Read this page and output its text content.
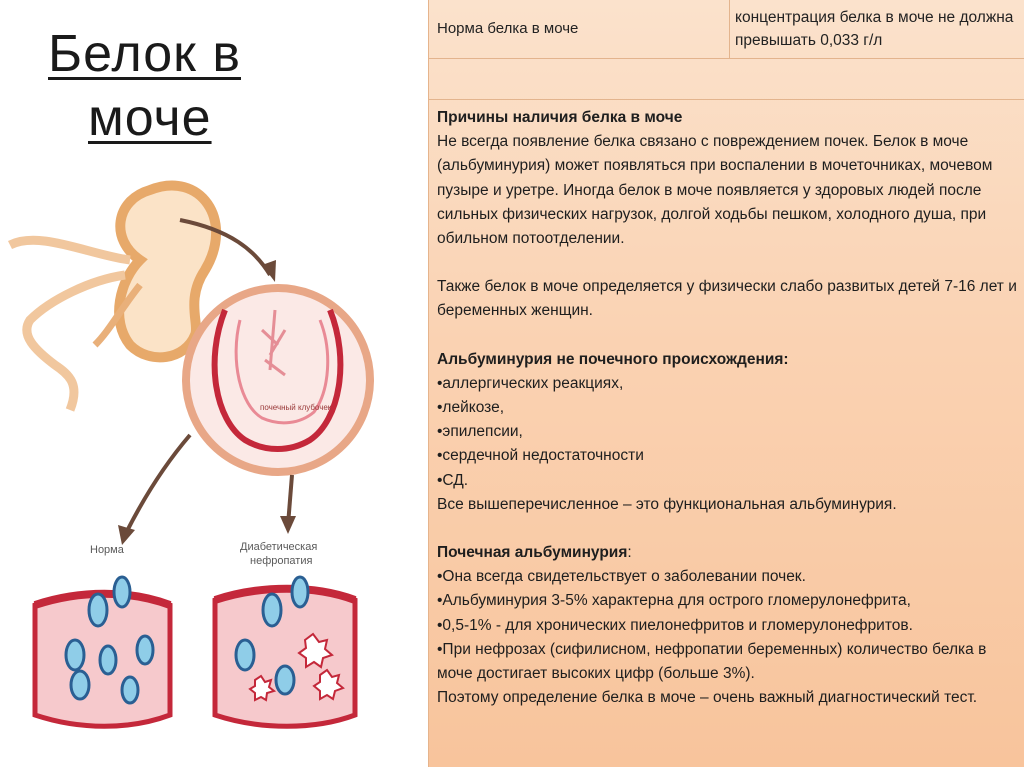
Белок в
моче
почечный клубочек
Норма	Диабетическая
нефропатия
Норма белка в моче
концентрация белка в моче не должна превышать 0,033 г/л

Причины наличия белка в моче

Не всегда появление белка связано с повреждением почек. Белок в моче (альбуминурия) может появляться при воспалении в мочеточниках, мочевом пузыре и уретре. Иногда белок в моче появляется у здоровых людей после сильных физических нагрузок, долгой ходьбы пешком, холодного душа, при обильном потоотделении.

Также белок в моче определяется у физически слабо развитых детей 7-16 лет и беременных женщин.

Альбуминурия не почечного происхождения:

•аллергических реакциях,

•лейкозе,

•эпилепсии,

•сердечной недостаточности

•СД.

Все вышеперечисленное – это функциональная альбуминурия.

Почечная альбуминурия:

•Она всегда свидетельствует о заболевании почек.

•Альбуминурия 3-5% характерна для острого гломерулонефрита,

•0,5-1% - для хронических пиелонефритов и гломерулонефритов.

•При нефрозах (сифилисном, нефропатии беременных) количество белка в моче достигает высоких цифр (больше 3%).

Поэтому определение белка в моче – очень важный диагностический тест.
